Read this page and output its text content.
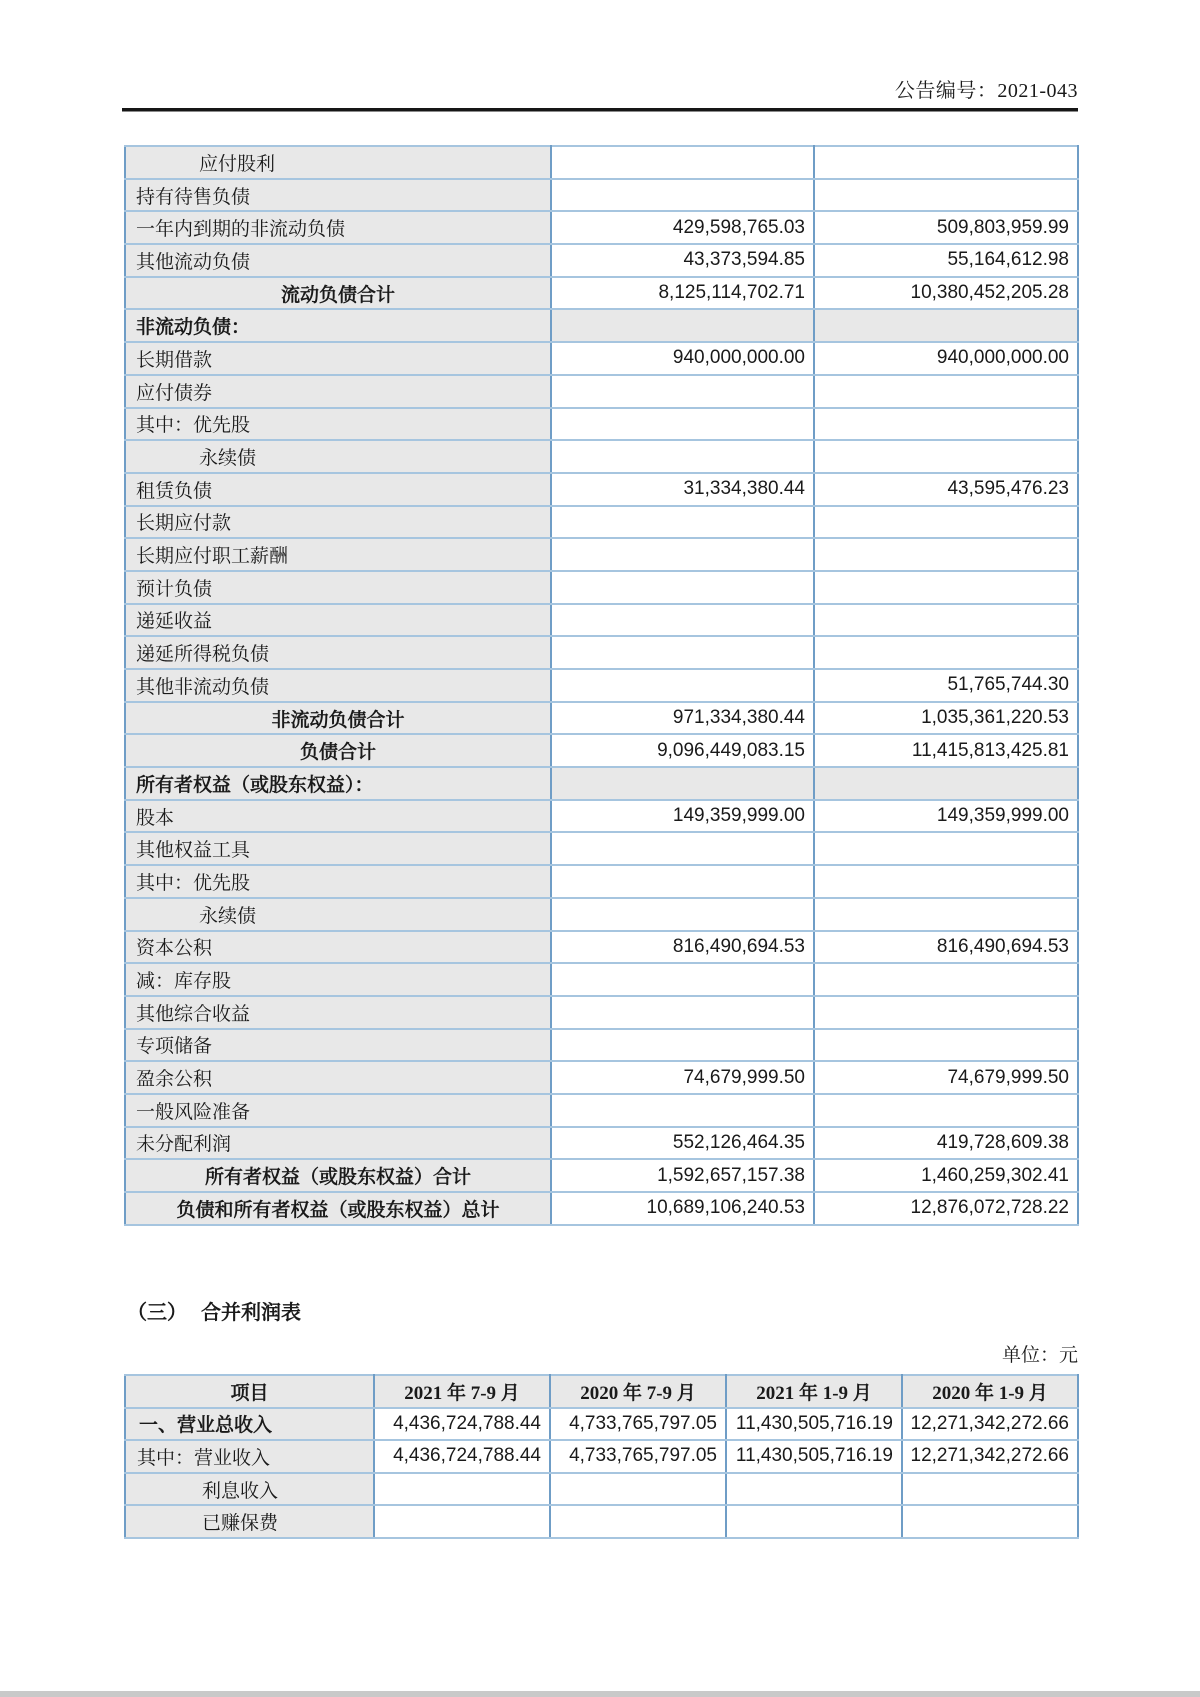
公告编号：2021-043
应付股利		
持有待售负债		
一年内到期的非流动负债	429,598,765.03	509,803,959.99
其他流动负债	43,373,594.85	55,164,612.98
流动负债合计	8,125,114,702.71	10,380,452,205.28
非流动负债：		
长期借款	940,000,000.00	940,000,000.00
应付债券		
其中：优先股		
永续债		
租赁负债	31,334,380.44	43,595,476.23
长期应付款		
长期应付职工薪酬		
预计负债		
递延收益		
递延所得税负债		
其他非流动负债		51,765,744.30
非流动负债合计	971,334,380.44	1,035,361,220.53
负债合计	9,096,449,083.15	11,415,813,425.81
所有者权益（或股东权益）：		
股本	149,359,999.00	149,359,999.00
其他权益工具		
其中：优先股		
永续债		
资本公积	816,490,694.53	816,490,694.53
减：库存股		
其他综合收益		
专项储备		
盈余公积	74,679,999.50	74,679,999.50
一般风险准备		
未分配利润	552,126,464.35	419,728,609.38
所有者权益（或股东权益）合计	1,592,657,157.38	1,460,259,302.41
负债和所有者权益（或股东权益）总计	10,689,106,240.53	12,876,072,728.22
（三） 合并利润表
单位：元
项目	2021 年 7-9 月	2020 年 7-9 月	2021 年 1-9 月	2020 年 1-9 月
一、营业总收入	4,436,724,788.44	4,733,765,797.05	11,430,505,716.19	12,271,342,272.66
其中：营业收入	4,436,724,788.44	4,733,765,797.05	11,430,505,716.19	12,271,342,272.66
利息收入				
已赚保费				
